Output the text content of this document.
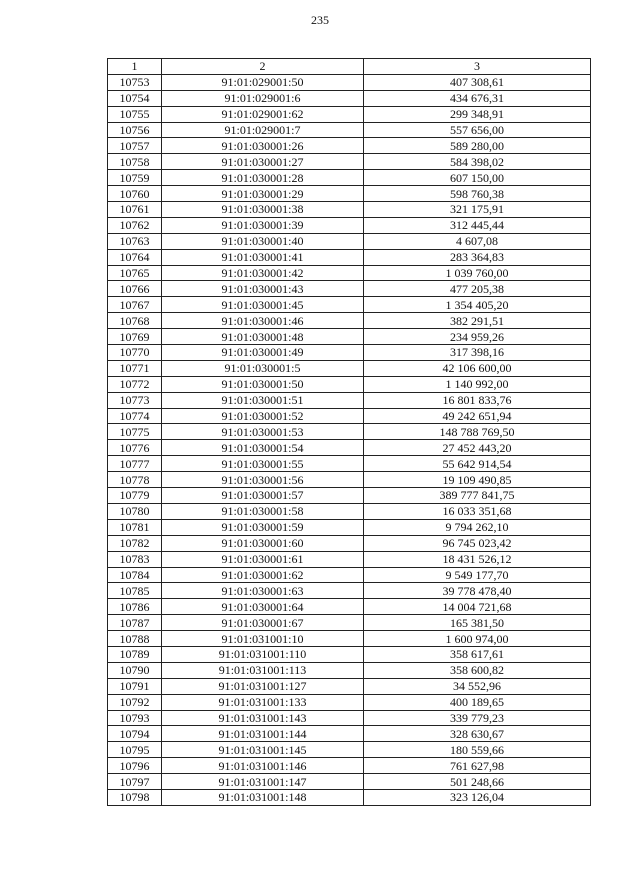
235
1	2	3
10753	91:01:029001:50	407 308,61
10754	91:01:029001:6	434 676,31
10755	91:01:029001:62	299 348,91
10756	91:01:029001:7	557 656,00
10757	91:01:030001:26	589 280,00
10758	91:01:030001:27	584 398,02
10759	91:01:030001:28	607 150,00
10760	91:01:030001:29	598 760,38
10761	91:01:030001:38	321 175,91
10762	91:01:030001:39	312 445,44
10763	91:01:030001:40	4 607,08
10764	91:01:030001:41	283 364,83
10765	91:01:030001:42	1 039 760,00
10766	91:01:030001:43	477 205,38
10767	91:01:030001:45	1 354 405,20
10768	91:01:030001:46	382 291,51
10769	91:01:030001:48	234 959,26
10770	91:01:030001:49	317 398,16
10771	91:01:030001:5	42 106 600,00
10772	91:01:030001:50	1 140 992,00
10773	91:01:030001:51	16 801 833,76
10774	91:01:030001:52	49 242 651,94
10775	91:01:030001:53	148 788 769,50
10776	91:01:030001:54	27 452 443,20
10777	91:01:030001:55	55 642 914,54
10778	91:01:030001:56	19 109 490,85
10779	91:01:030001:57	389 777 841,75
10780	91:01:030001:58	16 033 351,68
10781	91:01:030001:59	9 794 262,10
10782	91:01:030001:60	96 745 023,42
10783	91:01:030001:61	18 431 526,12
10784	91:01:030001:62	9 549 177,70
10785	91:01:030001:63	39 778 478,40
10786	91:01:030001:64	14 004 721,68
10787	91:01:030001:67	165 381,50
10788	91:01:031001:10	1 600 974,00
10789	91:01:031001:110	358 617,61
10790	91:01:031001:113	358 600,82
10791	91:01:031001:127	34 552,96
10792	91:01:031001:133	400 189,65
10793	91:01:031001:143	339 779,23
10794	91:01:031001:144	328 630,67
10795	91:01:031001:145	180 559,66
10796	91:01:031001:146	761 627,98
10797	91:01:031001:147	501 248,66
10798	91:01:031001:148	323 126,04
